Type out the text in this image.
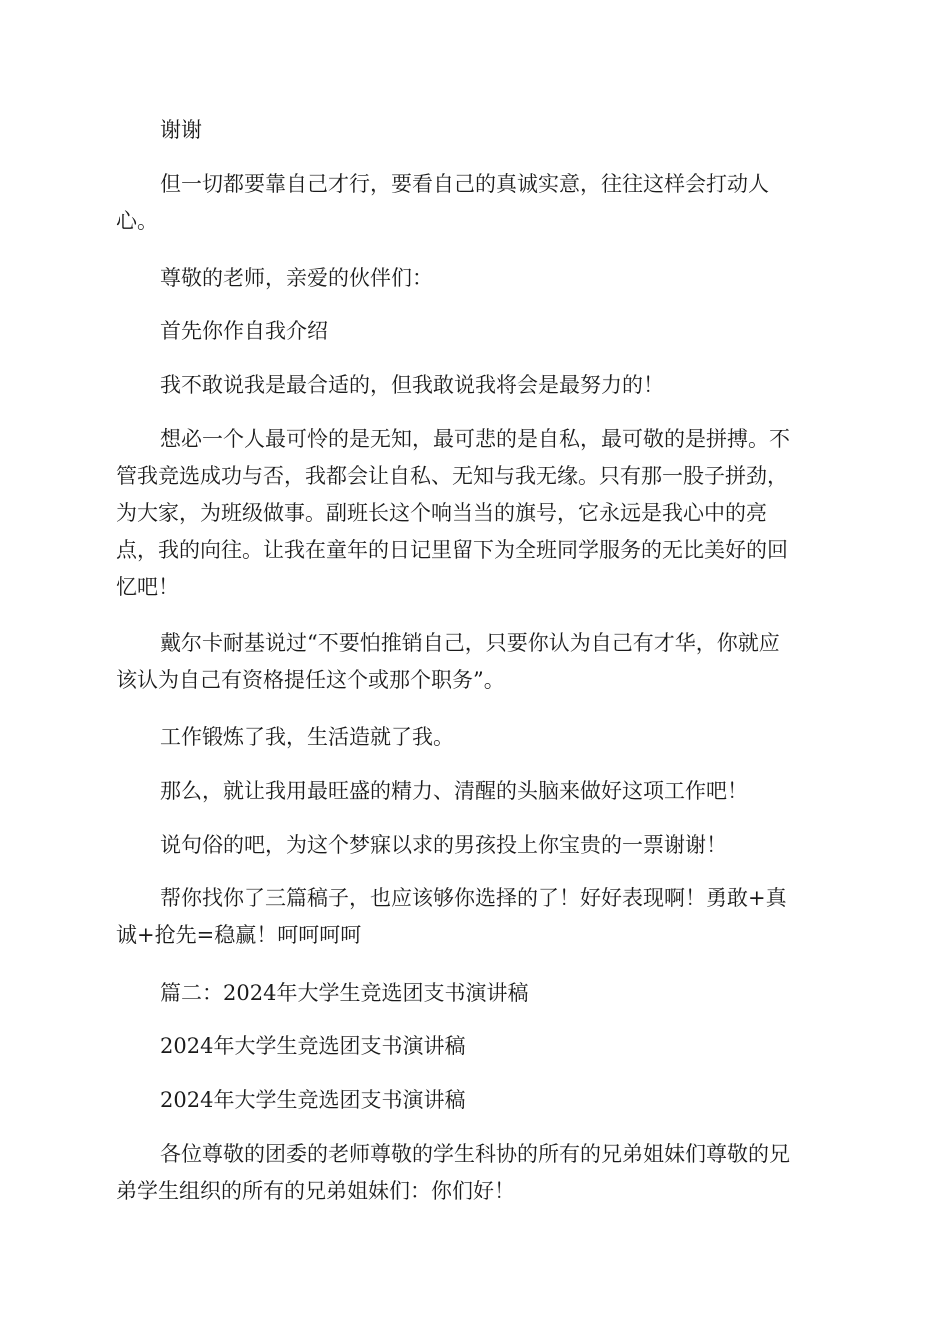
谢谢

但一切都要靠自己才行，要看自己的真诚实意，往往这样会打动人
心。

尊敬的老师，亲爱的伙伴们：

首先你作自我介绍

我不敢说我是最合适的，但我敢说我将会是最努力的！

想必一个人最可怜的是无知，最可悲的是自私，最可敬的是拼搏。不
管我竞选成功与否，我都会让自私、无知与我无缘。只有那一股子拼劲，
为大家，为班级做事。副班长这个响当当的旗号，它永远是我心中的亮
点，我的向往。让我在童年的日记里留下为全班同学服务的无比美好的回
忆吧！

戴尔卡耐基说过“不要怕推销自己，只要你认为自己有才华，你就应
该认为自己有资格提任这个或那个职务”。

工作锻炼了我，生活造就了我。

那么，就让我用最旺盛的精力、清醒的头脑来做好这项工作吧！

说句俗的吧，为这个梦寐以求的男孩投上你宝贵的一票谢谢！

帮你找你了三篇稿子，也应该够你选择的了！好好表现啊！勇敢+真
诚+抢先=稳赢！呵呵呵呵

篇二：2024年大学生竞选团支书演讲稿

2024年大学生竞选团支书演讲稿

2024年大学生竞选团支书演讲稿

各位尊敬的团委的老师尊敬的学生科协的所有的兄弟姐妹们尊敬的兄
弟学生组织的所有的兄弟姐妹们：你们好！
